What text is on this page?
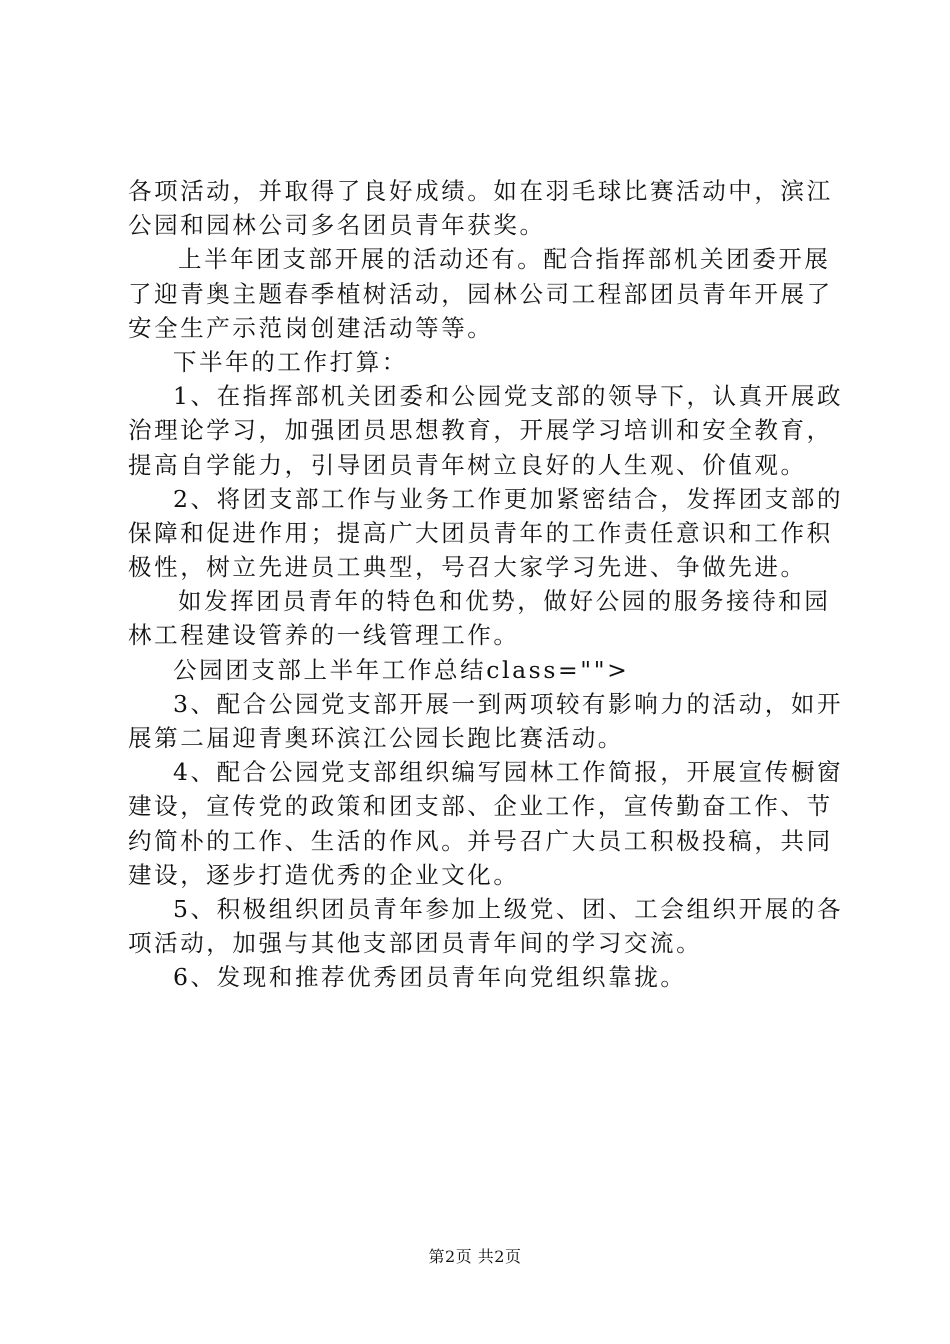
各项活动，并取得了良好成绩。如在羽毛球比赛活动中，滨江
公园和园林公司多名团员青年获奖。
上半年团支部开展的活动还有。配合指挥部机关团委开展
了迎青奥主题春季植树活动，园林公司工程部团员青年开展了
安全生产示范岗创建活动等等。
下半年的工作打算：
1、在指挥部机关团委和公园党支部的领导下，认真开展政
治理论学习，加强团员思想教育，开展学习培训和安全教育，
提高自学能力，引导团员青年树立良好的人生观、价值观。
2、将团支部工作与业务工作更加紧密结合，发挥团支部的
保障和促进作用；提高广大团员青年的工作责任意识和工作积
极性，树立先进员工典型，号召大家学习先进、争做先进。
如发挥团员青年的特色和优势，做好公园的服务接待和园
林工程建设管养的一线管理工作。
公园团支部上半年工作总结class="">
3、配合公园党支部开展一到两项较有影响力的活动，如开
展第二届迎青奥环滨江公园长跑比赛活动。
4、配合公园党支部组织编写园林工作简报，开展宣传橱窗
建设，宣传党的政策和团支部、企业工作，宣传勤奋工作、节
约简朴的工作、生活的作风。并号召广大员工积极投稿，共同
建设，逐步打造优秀的企业文化。
5、积极组织团员青年参加上级党、团、工会组织开展的各
项活动，加强与其他支部团员青年间的学习交流。
6、发现和推荐优秀团员青年向党组织靠拢。
第2页 共2页
